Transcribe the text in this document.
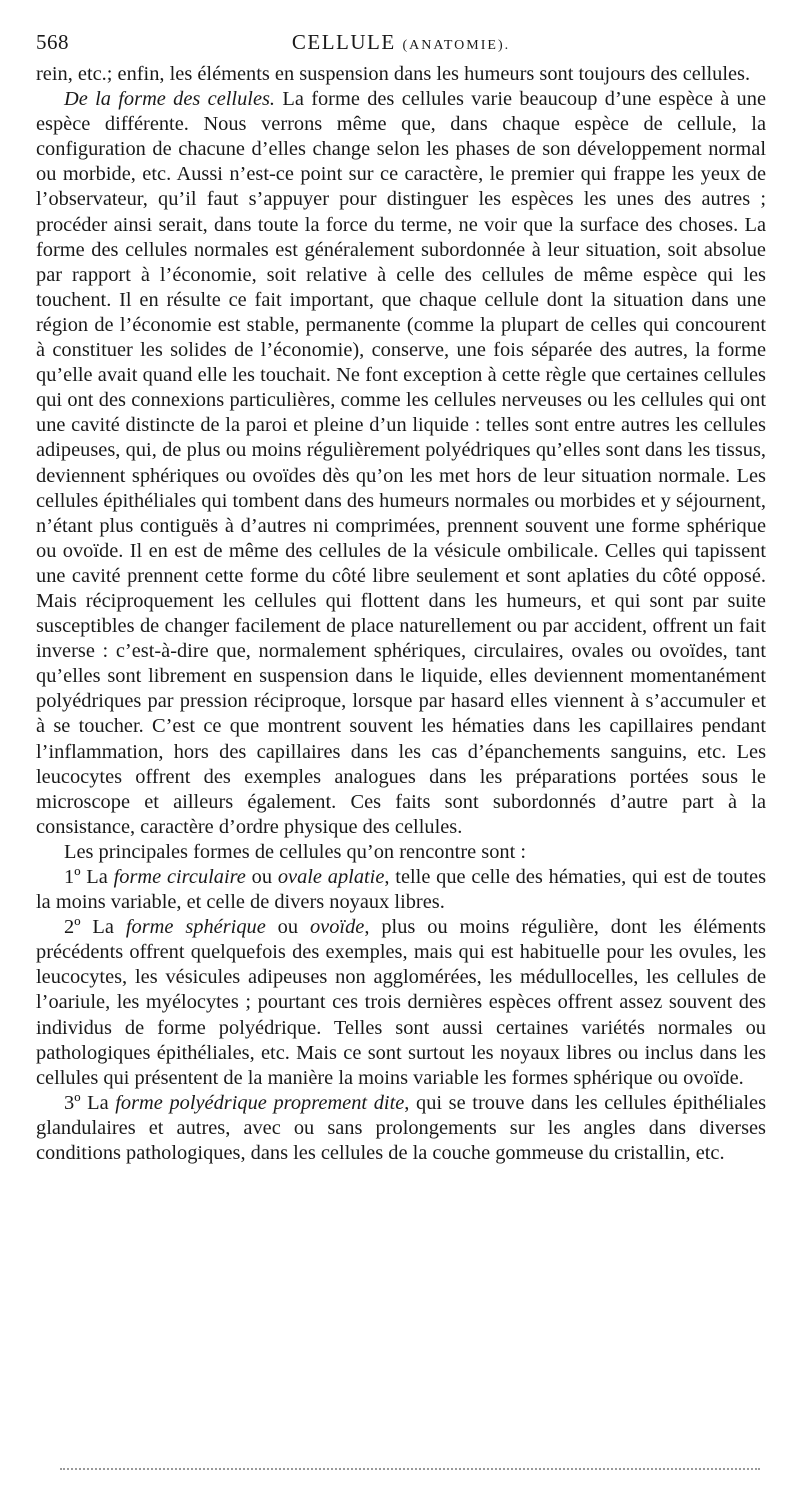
568	CELLULE (ANATOMIE).

rein, etc.; enfin, les éléments en suspension dans les humeurs sont toujours des cellules.

De la forme des cellules. La forme des cellules varie beaucoup d’une espèce à une espèce différente. Nous verrons même que, dans chaque espèce de cellule, la configuration de chacune d’elles change selon les phases de son développement normal ou morbide, etc. Aussi n’est-ce point sur ce caractère, le premier qui frappe les yeux de l’observateur, qu’il faut s’appuyer pour distinguer les espèces les unes des autres ; procéder ainsi serait, dans toute la force du terme, ne voir que la surface des choses. La forme des cellules normales est généralement subordonnée à leur situation, soit absolue par rapport à l’économie, soit relative à celle des cellules de même espèce qui les touchent. Il en résulte ce fait important, que chaque cellule dont la situation dans une région de l’économie est stable, permanente (comme la plupart de celles qui concourent à constituer les solides de l’économie), conserve, une fois séparée des autres, la forme qu’elle avait quand elle les touchait. Ne font exception à cette règle que certaines cellules qui ont des connexions particulières, comme les cellules nerveuses ou les cellules qui ont une cavité distincte de la paroi et pleine d’un liquide : telles sont entre autres les cellules adipeuses, qui, de plus ou moins régulièrement polyédriques qu’elles sont dans les tissus, deviennent sphériques ou ovoïdes dès qu’on les met hors de leur situation normale. Les cellules épithéliales qui tombent dans des humeurs normales ou morbides et y séjournent, n’étant plus contiguës à d’autres ni comprimées, prennent souvent une forme sphérique ou ovoïde. Il en est de même des cellules de la vésicule ombilicale. Celles qui tapissent une cavité prennent cette forme du côté libre seulement et sont aplaties du côté opposé. Mais réciproquement les cellules qui flottent dans les humeurs, et qui sont par suite susceptibles de changer facilement de place naturellement ou par accident, offrent un fait inverse : c’est-à-dire que, normalement sphériques, circulaires, ovales ou ovoïdes, tant qu’elles sont librement en suspension dans le liquide, elles deviennent momentanément polyédriques par pression réciproque, lorsque par hasard elles viennent à s’accumuler et à se toucher. C’est ce que montrent souvent les hématies dans les capillaires pendant l’inflammation, hors des capillaires dans les cas d’épanchements sanguins, etc. Les leucocytes offrent des exemples analogues dans les préparations portées sous le microscope et ailleurs également. Ces faits sont subordonnés d’autre part à la consistance, caractère d’ordre physique des cellules.

Les principales formes de cellules qu’on rencontre sont :

1º La forme circulaire ou ovale aplatie, telle que celle des hématies, qui est de toutes la moins variable, et celle de divers noyaux libres.

2º La forme sphérique ou ovoïde, plus ou moins régulière, dont les éléments précédents offrent quelquefois des exemples, mais qui est habituelle pour les ovules, les leucocytes, les vésicules adipeuses non agglomérées, les médullocelles, les cellules de l’oariule, les myélocytes ; pourtant ces trois dernières espèces offrent assez souvent des individus de forme polyédrique. Telles sont aussi certaines variétés normales ou pathologiques épithéliales, etc. Mais ce sont surtout les noyaux libres ou inclus dans les cellules qui présentent de la manière la moins variable les formes sphérique ou ovoïde.

3º La forme polyédrique proprement dite, qui se trouve dans les cellules épithéliales glandulaires et autres, avec ou sans prolongements sur les angles dans diverses conditions pathologiques, dans les cellules de la couche gommeuse du cristallin, etc.
